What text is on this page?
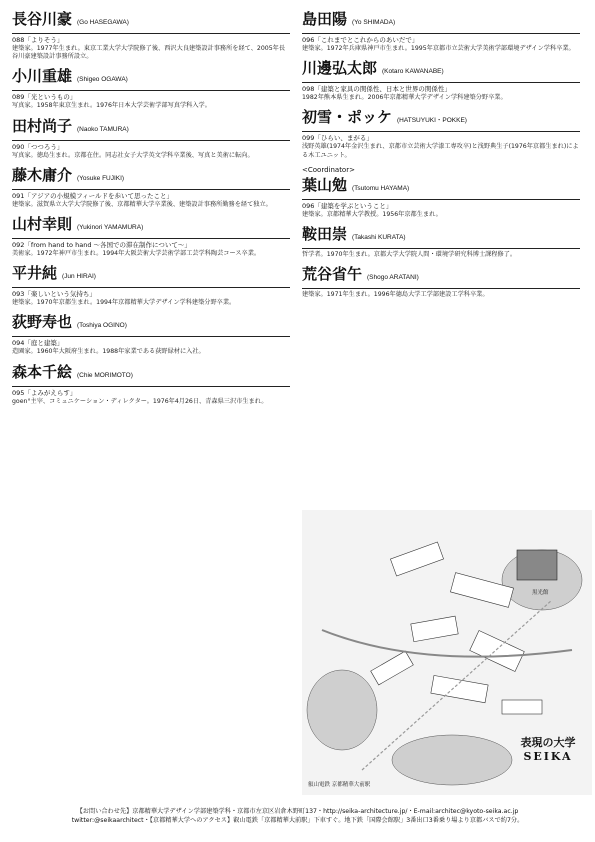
長谷川豪 (Go HASEGAWA)
088「よりそう」
建築家。1977年生まれ。東京工業大学大学院修了後、西沢大良建築設計事務所を経て、2005年長谷川豪建築設計事務所設立。
小川重雄 (Shigeo OGAWA)
089「光というもの」
写真家。1958年東京生まれ。1976年日本大学芸術学部写真学科入学。
田村尚子 (Naoko TAMURA)
090「つつろう」
写真家。徳島生まれ。京都在住。同志社女子大学英文学科卒業後、写真と美術に転向。
藤木庸介 (Yosuke FUJIKI)
091「アジアの小規模フィールドを歩いて思ったこと」
建築家。滋賀県立大学大学院修了後、京都精華大学卒業後、建築設計事務所勤務を経て独立。
山村幸則 (Yukinori YAMAMURA)
092「from hand to hand ～各国での滞在制作について～」
美術家。1972年神戸市生まれ。1994年大阪芸術大学芸術学部工芸学科陶芸コース卒業。
平井純 (Jun HIRAI)
093「楽しいという気持ち」
建築家。1970年京都生まれ。1994年京都精華大学デザイン学科建築分野卒業。
荻野寿也 (Toshiya OGINO)
094「庭と建築」
造園家。1960年大阪府生まれ。1988年家業である荻野緑材に入社。
森本千絵 (Chie MORIMOTO)
095「よみがえらす」
goen°主宰、コミュニケーション・ディレクター。1976年4月26日、青森県三沢市生まれ。
島田陽 (Yo SHIMADA)
096「これまでとこれからのあいだで」
建築家。1972年兵庫県神戸市生まれ。1995年京都市立芸術大学美術学部環境デザイン学科卒業。
川邊弘太郎 (Kotaro KAWANABE)
098「建築と家具の関係性、日本と世界の関係性」
1982年熊本県生まれ。2006年京都精華大学デザイン学科建築分野卒業。
初雪・ポッケ (HATSUYUKI・POKKE)
099「ひらい、まがる」
浅野英雄(1974年金沢生まれ、京都市立芸術大学漆工専攻卒)と浅野典生子(1976年京都生まれ)による木工ユニット。
<Coordinator>
葉山勉 (Tsutomu HAYAMA)
096「建築を学ぶということ」
建築家。京都精華大学教授。1956年京都生まれ。
鞍田崇 (Takashi KURATA)
哲学者。1970年生まれ。京都大学大学院人間・環境学研究科博士課程修了。
荒谷省午 (Shogo ARATANI)
建築家。1971年生まれ。1996年德島大学工学部建設工学科卒業。
黒光館
叡山電鉄 京都精華大前駅
表現の大学
SEIKA
【お問い合わせ先】京都精華大学デザイン学部建築学科・京都市左京区岩倉木野町137・http://seika-architecture.jp/・E-mail:architec@kyoto-seika.ac.jp
twitter:@seikaarchitect・【京都精華大学へのアクセス】叡山電鉄「京都精華大前駅」下車すぐ。地下鉄「国際会館駅」3番出口3番乗り場より京都バスで約7分。
